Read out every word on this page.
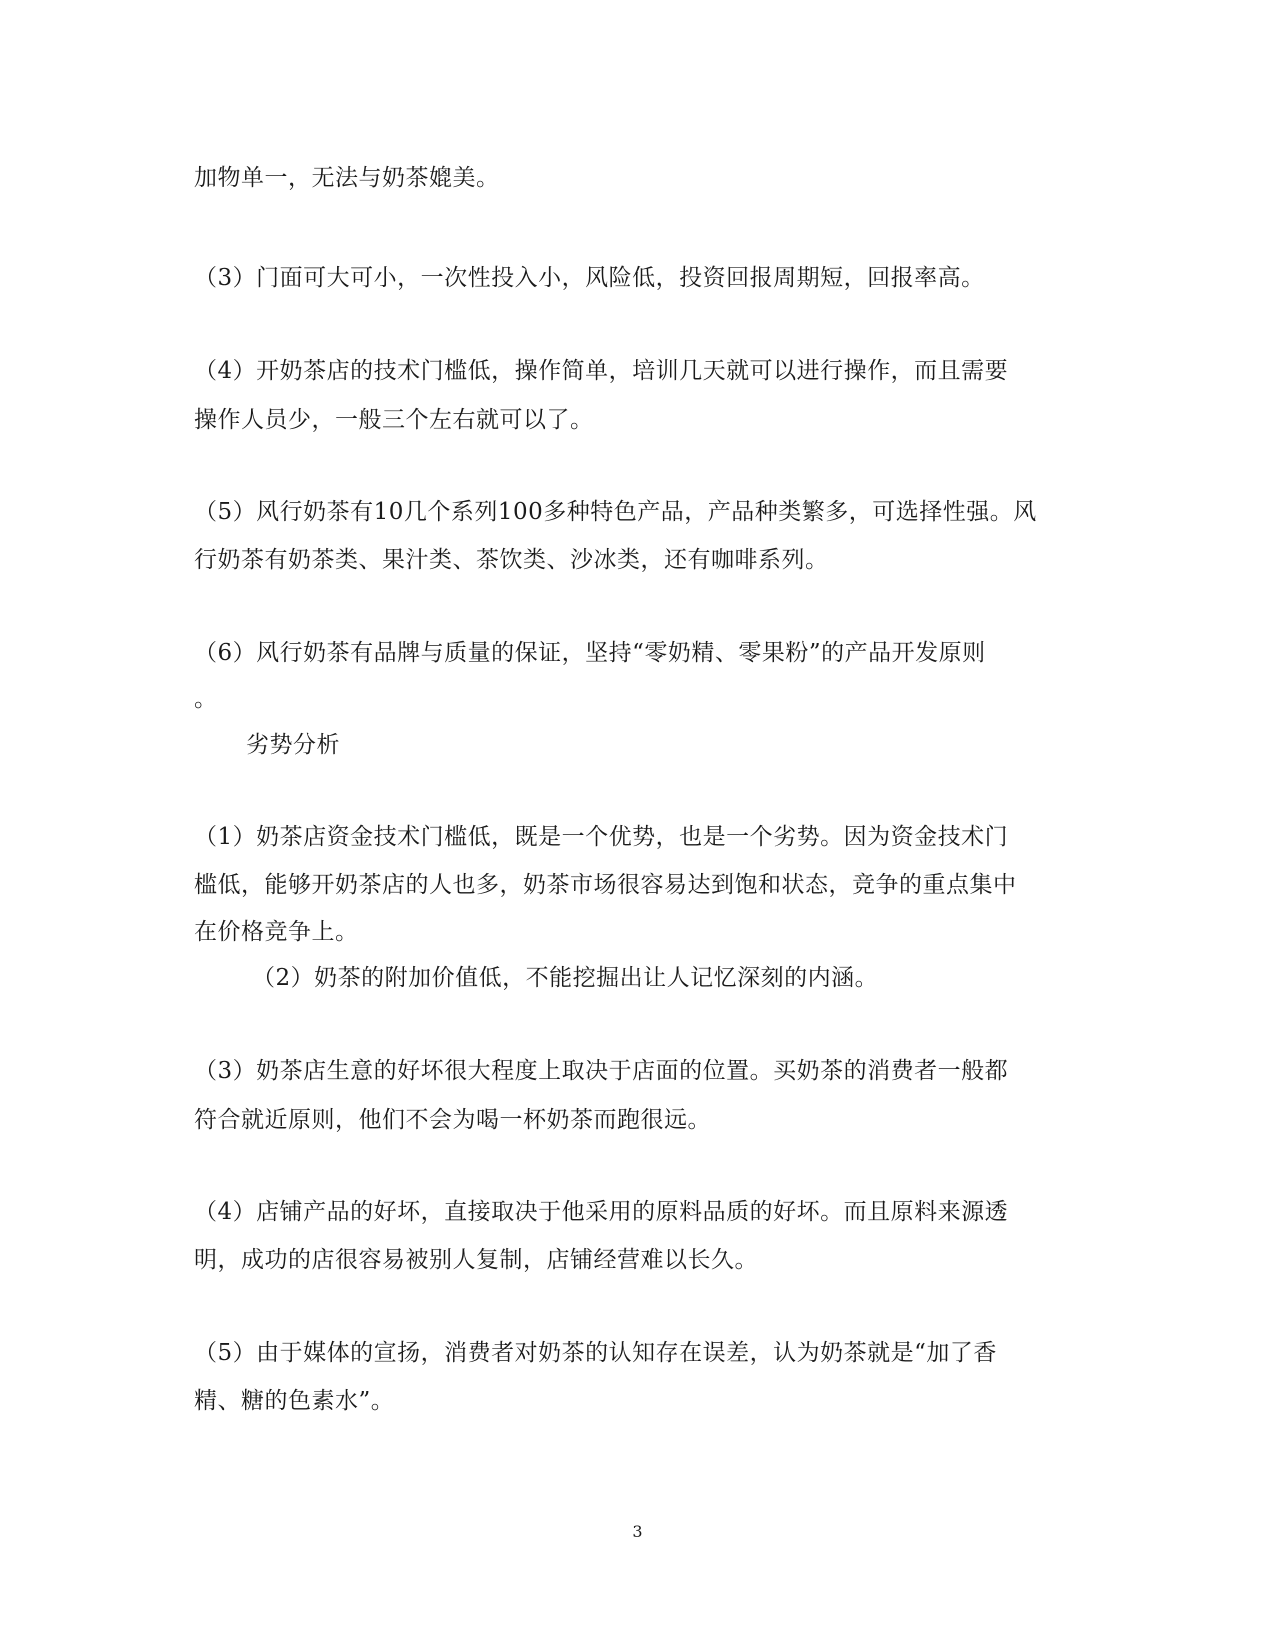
加物单一，无法与奶茶媲美。
（3）门面可大可小，一次性投入小，风险低，投资回报周期短，回报率高。
（4）开奶茶店的技术门槛低，操作简单，培训几天就可以进行操作，而且需要
操作人员少，一般三个左右就可以了。
（5）风行奶茶有10几个系列100多种特色产品，产品种类繁多，可选择性强。风
行奶茶有奶茶类、果汁类、茶饮类、沙冰类，还有咖啡系列。
（6）风行奶茶有品牌与质量的保证，坚持“零奶精、零果粉”的产品开发原则
。
劣势分析
（1）奶茶店资金技术门槛低，既是一个优势，也是一个劣势。因为资金技术门
槛低，能够开奶茶店的人也多，奶茶市场很容易达到饱和状态，竞争的重点集中
在价格竞争上。
（2）奶茶的附加价值低，不能挖掘出让人记忆深刻的内涵。
（3）奶茶店生意的好坏很大程度上取决于店面的位置。买奶茶的消费者一般都
符合就近原则，他们不会为喝一杯奶茶而跑很远。
（4）店铺产品的好坏，直接取决于他采用的原料品质的好坏。而且原料来源透
明，成功的店很容易被别人复制，店铺经营难以长久。
（5）由于媒体的宣扬，消费者对奶茶的认知存在误差，认为奶茶就是“加了香
精、糖的色素水”。
3
